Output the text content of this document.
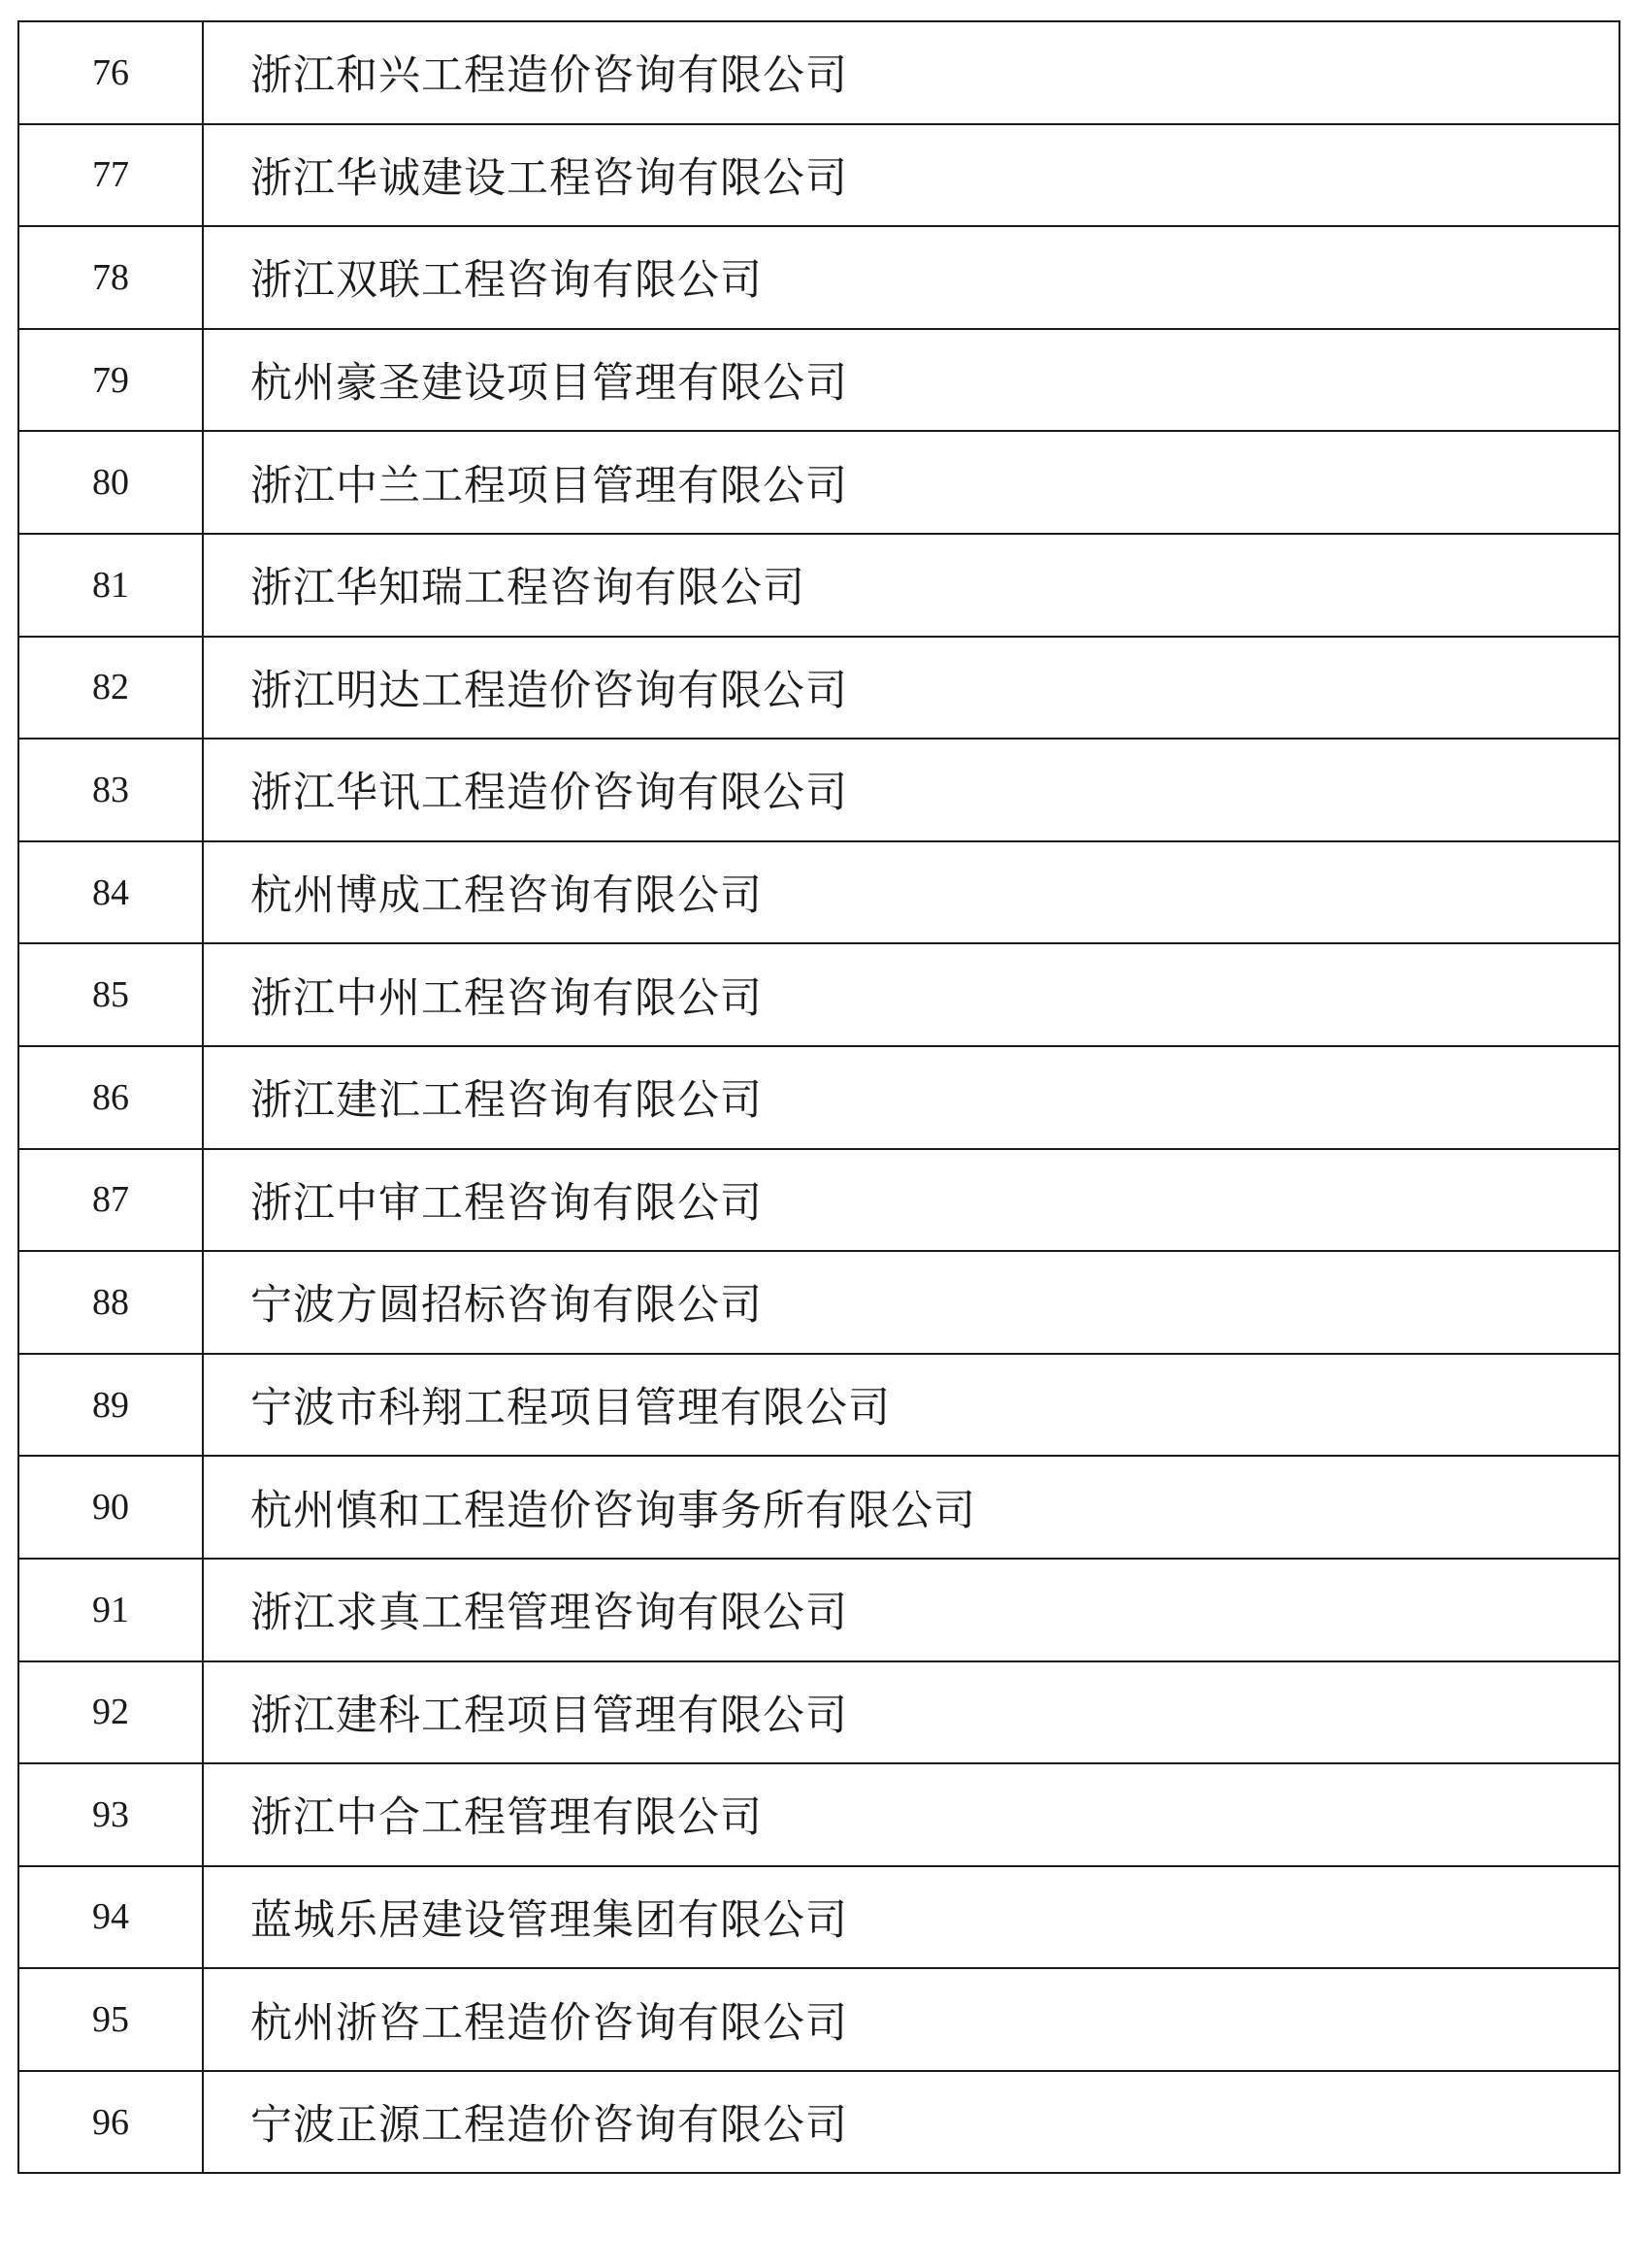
76	浙江和兴工程造价咨询有限公司
77	浙江华诚建设工程咨询有限公司
78	浙江双联工程咨询有限公司
79	杭州豪圣建设项目管理有限公司
80	浙江中兰工程项目管理有限公司
81	浙江华知瑞工程咨询有限公司
82	浙江明达工程造价咨询有限公司
83	浙江华讯工程造价咨询有限公司
84	杭州博成工程咨询有限公司
85	浙江中州工程咨询有限公司
86	浙江建汇工程咨询有限公司
87	浙江中审工程咨询有限公司
88	宁波方圆招标咨询有限公司
89	宁波市科翔工程项目管理有限公司
90	杭州慎和工程造价咨询事务所有限公司
91	浙江求真工程管理咨询有限公司
92	浙江建科工程项目管理有限公司
93	浙江中合工程管理有限公司
94	蓝城乐居建设管理集团有限公司
95	杭州浙咨工程造价咨询有限公司
96	宁波正源工程造价咨询有限公司
